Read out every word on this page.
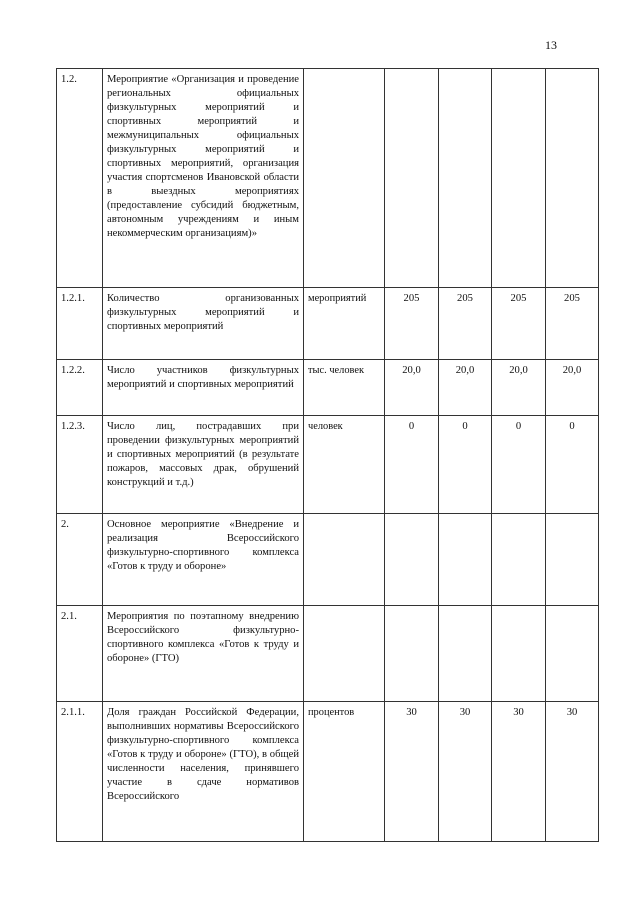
13
1.2.	Мероприятие «Организация и проведение региональных официальных физкультурных мероприятий и спортивных мероприятий и межмуниципальных официальных физкультурных мероприятий и спортивных мероприятий, организация участия спортсменов Ивановской области в выездных мероприятиях (предоставление субсидий бюджетным, автономным учреждениям и иным некоммерческим организациям)»					
1.2.1.	Количество организованных физкультурных мероприятий и спортивных мероприятий	мероприятий	205	205	205	205
1.2.2.	Число участников физкультурных мероприятий и спортивных мероприятий	тыс. человек	20,0	20,0	20,0	20,0
1.2.3.	Число лиц, пострадавших при проведении физкультурных мероприятий и спортивных мероприятий (в результате пожаров, массовых драк, обрушений конструкций и т.д.)	человек	0	0	0	0
2.	Основное мероприятие «Внедрение и реализация Всероссийского физкультурно-спортивного комплекса «Готов к труду и обороне»					
2.1.	Мероприятия по поэтапному внедрению Всероссийского физкультурно-спортивного комплекса «Готов к труду и обороне» (ГТО)					
2.1.1.	Доля граждан Российской Федерации, выполнивших нормативы Всероссийского физкультурно-спортивного комплекса «Готов к труду и обороне» (ГТО), в общей численности населения, принявшего участие в сдаче нормативов Всероссийского	процентов	30	30	30	30
